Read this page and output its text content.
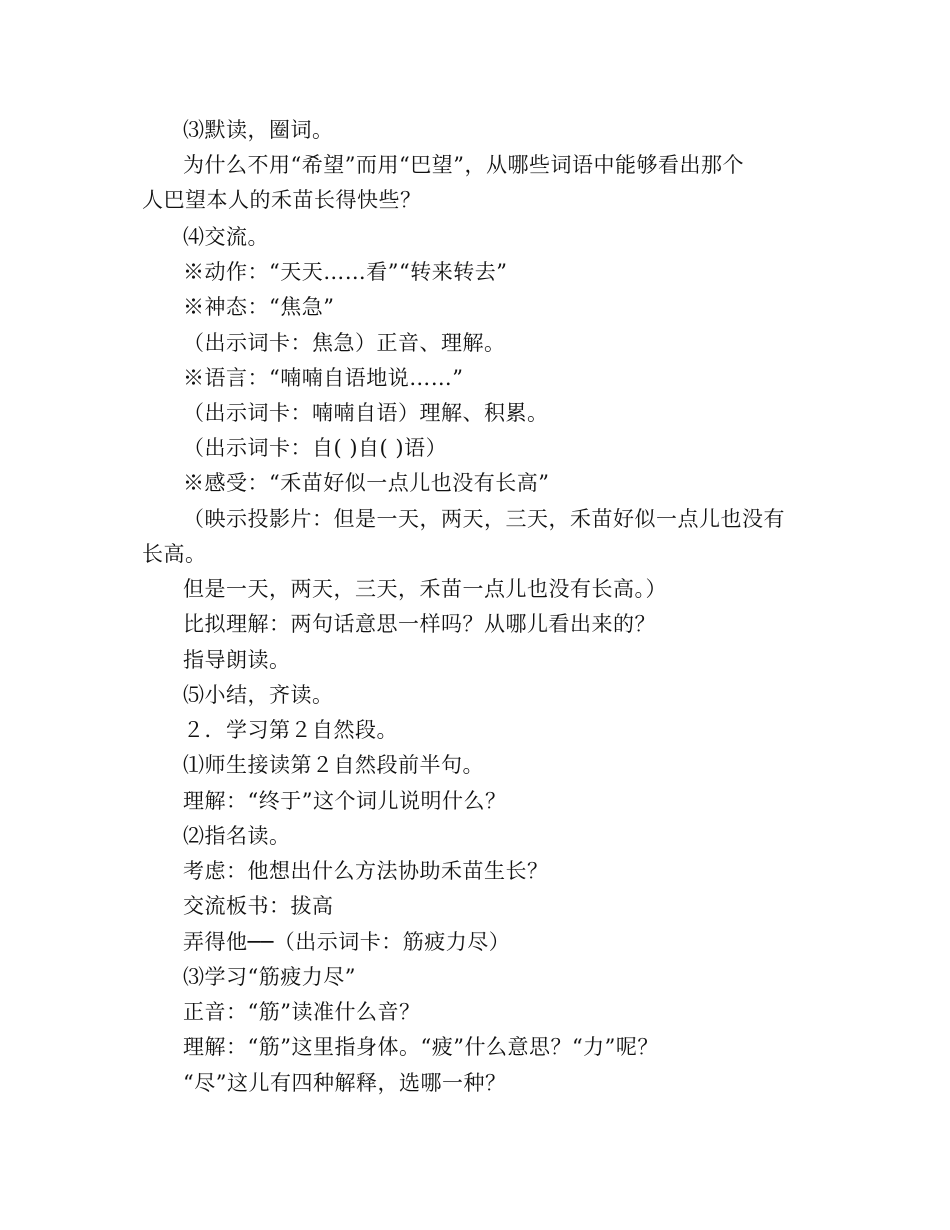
⑶默读，圈词。
为什么不用“希望”而用“巴望”，从哪些词语中能够看出那个
人巴望本人的禾苗长得快些？
⑷交流。
※动作：“天天……看”“转来转去”
※神态：“焦急”
（出示词卡：焦急）正音、理解。
※语言：“喃喃自语地说……”
（出示词卡：喃喃自语）理解、积累。
（出示词卡：自( )自( )语）
※感受：“禾苗好似一点儿也没有长高”
（映示投影片：但是一天，两天，三天，禾苗好似一点儿也没有
长高。
但是一天，两天，三天，禾苗一点儿也没有长高。）
比拟理解：两句话意思一样吗？从哪儿看出来的？
指导朗读。
⑸小结，齐读。
２．学习第２自然段。
⑴师生接读第２自然段前半句。
理解：“终于”这个词儿说明什么？
⑵指名读。
考虑：他想出什么方法协助禾苗生长？
交流板书：拔高
弄得他──（出示词卡：筋疲力尽）
⑶学习“筋疲力尽”
正音：“筋”读准什么音？
理解：“筋”这里指身体。“疲”什么意思？“力”呢？
“尽”这儿有四种解释，选哪一种？
